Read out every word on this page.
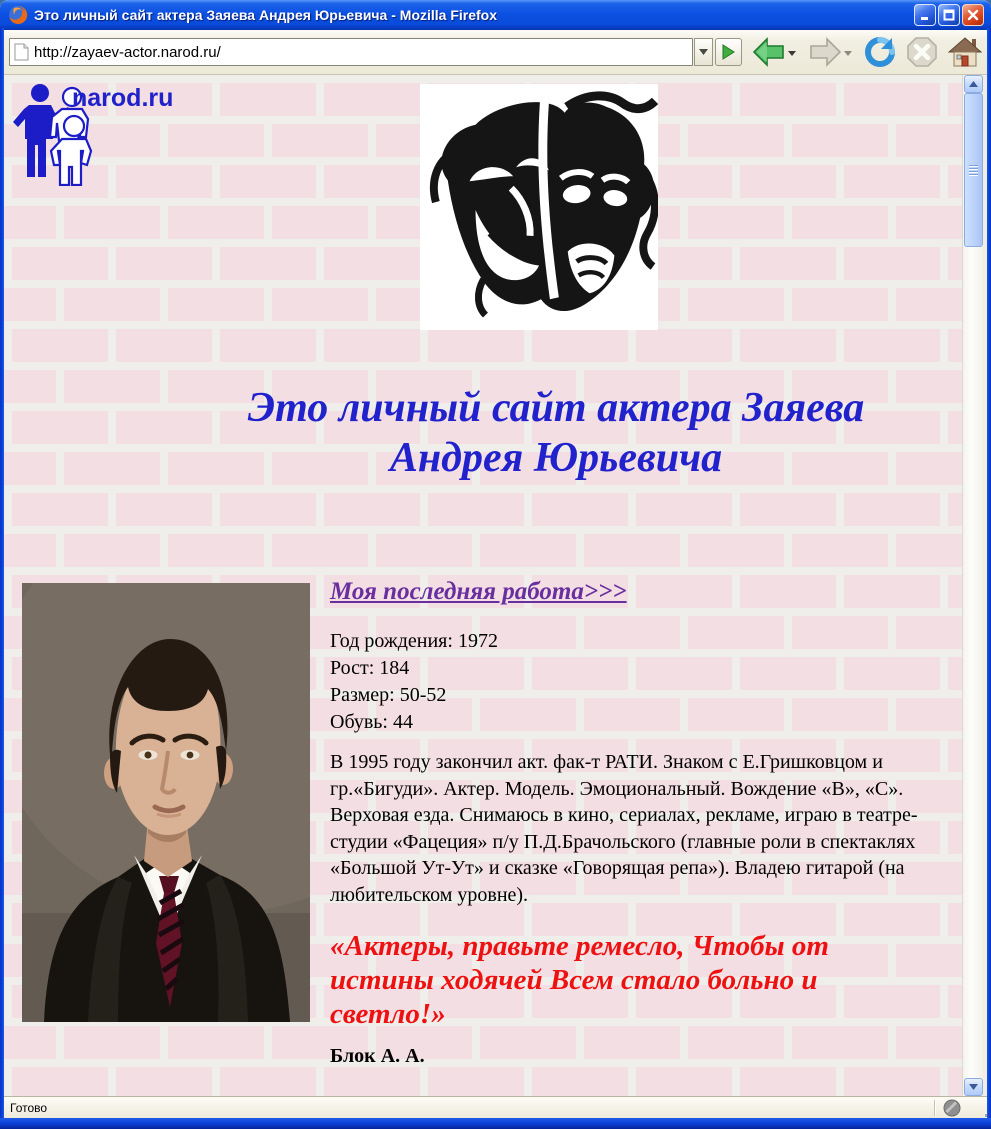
Это личный сайт актера Заяева Андрея Юрьевича - Mozilla Firefox
http://zayaev-actor.narod.ru/
narod.ru
Это личный сайт актера Заяева
Андрея Юрьевича
Моя последняя работа>>>
Год рождения: 1972
Рост: 184
Размер: 50-52
Обувь: 44
В 1995 году закончил акт. фак-т РАТИ. Знаком с Е.Гришковцом и гр.«Бигуди». Актер. Модель. Эмоциональный. Вождение «В», «С». Верховая езда. Снимаюсь в кино, сериалах, рекламе, играю в театре-студии «Фацеция» п/у П.Д.Брачольского (главные роли в спектаклях «Большой Ут-Ут» и сказке «Говорящая репа»). Владею гитарой (на любительском уровне).
«Актеры, правьте ремесло, Чтобы от истины ходячей Всем стало больно и светло!»
Блок А. А.
Готово
